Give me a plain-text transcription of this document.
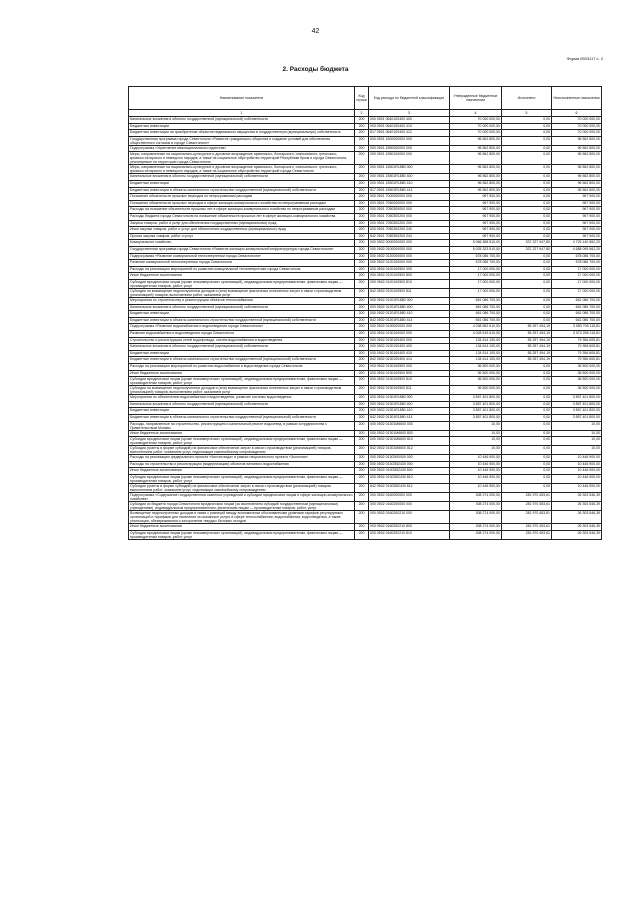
42
Форма 0503117 с. 2
2. Расходы бюджета
Наименование показателя	Код строки	Код расхода по бюджетной классификации	Утвержденные бюджетные назначения	Исполнено	Неисполненные назначения
1	2	3	4	5	6
Капитальные вложения в объекты государственной (муниципальной) собственности	200	000 0501 0640100400 400	70 000 000,00	0,00	70 000 000,00
Бюджетные инвестиции	200	000 0501 0640100400 410	70 000 000,00	0,00	70 000 000,00
Бюджетные инвестиции на приобретение объектов недвижимого имущества в государственную (муниципальную) собственность	200	817 0501 0640100400 412	70 000 000,00	0,00	70 000 000,00
Государственная программа города Севастополя «Развитие гражданского общества и создание условий для обеспечения общественного согласия в городе Севастополе»	200	000 0501 1500000000 000	96 562 800,00	0,00	96 562 800,00
Подпрограмма «Укрепление межнационального единства»	200	000 0501 1550000000 000	96 562 800,00	0,00	96 562 800,00
Меры, направленные на национально-культурное и духовное возрождение армянского, болгарского, итальянского, греческого, крымско-татарского и немецкого народов, а также на социальное обустройство территорий Республики Крым и города Севастополя, реализуемые на территории города Севастополя	200	000 0501 1550100000 000	96 562 800,00	0,00	96 562 800,00
Меры, направленные на национально-культурное и духовное возрождение армянского, болгарского, итальянского, греческого, крымско-татарского и немецкого народов, а также на социальное обустройство территорий города Севастополя	200	000 0501 15501R1880 000	96 562 800,00	0,00	96 562 800,00
Капитальные вложения в объекты государственной (муниципальной) собственности	200	000 0501 15501R1880 400	96 562 800,00	0,00	96 562 800,00
Бюджетные инвестиции	200	000 0501 15501R1880 410	96 562 800,00	0,00	96 562 800,00
Бюджетные инвестиции в объекты капитального строительства государственной (муниципальной) собственности	200	817 0501 15501R1880 414	96 562 800,00	0,00	96 562 800,00
Погашение обязательств прошлых периодов по непрограммным расходам	200	000 0501 7000000000 000	967 900,00	0,00	967 900,00
Погашение обязательств прошлых периодов в сфере жилищно-коммунального хозяйства по непрограммным расходам	200	000 0501 7050000000 000	967 900,00	0,00	967 900,00
Расходы на погашение обязательств прошлых лет в сфере жилищно-коммунального хозяйства по непрограммным расходам	200	000 0501 7050300000 000	967 900,00	0,00	967 900,00
Расходы бюджета города Севастополя на погашение обязательств прошлых лет в сфере жилищно-коммунального хозяйства	200	000 0501 7050300200 000	967 900,00	0,00	967 900,00
Закупка товаров, работ и услуг для обеспечения государственных (муниципальных) нужд	200	000 0501 7050300200 200	967 900,00	0,00	967 900,00
Иные закупки товаров, работ и услуг для обеспечения государственных (муниципальных) нужд	200	000 0501 7050300200 240	967 900,00	0,00	967 900,00
Прочая закупка товаров, работ и услуг	200	842 0501 7050300200 244	967 900,00	0,00	967 900,00
Коммунальное хозяйство	200	000 0502 0000000000 000	5 066 368 510,00	337 227 947,80	4 729 140 562,20
Государственная программа города Севастополя «Развитие жилищно-коммунальной инфраструктуры города Севастополя»	200	000 0502 0100000000 000	5 025 323 510,00	337 227 947,80	4 688 095 562,20
Подпрограмма «Развитие коммунальной теплоэнергетики города Севастополя»	200	000 0502 0120000000 000	678 086 700,00	0,00	678 086 700,00
Развитие коммунальной теплоэнергетики города Севастополя	200	000 0502 0120100000 000	678 086 700,00	0,00	678 086 700,00
Расходы на реализацию мероприятий по развитию коммунальной теплоэнергетики города Севастополя	200	000 0502 0120100500 000	17 000 000,00	0,00	17 000 000,00
Иные бюджетные ассигнования	200	000 0502 0120100500 800	17 000 000,00	0,00	17 000 000,00
Субсидии юридическим лицам (кроме некоммерческих организаций), индивидуальным предпринимателям, физическим лицам — производителям товаров, работ, услуг	200	000 0502 0120100500 810	17 000 000,00	0,00	17 000 000,00
Субсидии на возмещение недополученных доходов и (или) возмещение фактически понесенных затрат в связи с производством (реализацией) товаров, выполнением работ, оказанием услуг	200	842 0502 0120100500 811	17 000 000,00	0,00	17 000 000,00
Мероприятия по строительству и реконструкции объектов теплоснабжения	200	000 0502 01201R1880 000	661 086 700,00	0,00	661 086 700,00
Капитальные вложения в объекты государственной (муниципальной) собственности	200	000 0502 01201R1880 400	661 086 700,00	0,00	661 086 700,00
Бюджетные инвестиции	200	000 0502 01201R1880 410	661 086 700,00	0,00	661 086 700,00
Бюджетные инвестиции в объекты капитального строительства государственной (муниципальной) собственности	200	842 0502 01201R1880 414	661 086 700,00	0,00	661 086 700,00
Подпрограмма «Развитие водоснабжения и водоотведения города Севастополя»	200	000 0502 0130000000 000	4 038 962 610,00	55 257 494,19	3 983 705 115,81
Развитие водоснабжения и водоотведения города Севастополя	200	000 0502 0130100000 000	4 028 515 610,00	55 257 494,19	3 973 258 115,81
Строительство и реконструкция сетей водопровода, систем водоснабжения и водоотведения	200	000 0502 0130100400 000	134 614 100,00	55 257 494,19	79 356 605,81
Капитальные вложения в объекты государственной (муниципальной) собственности	200	000 0502 0130100400 400	134 614 100,00	55 257 494,19	79 356 605,81
Бюджетные инвестиции	200	000 0502 0130100400 410	134 614 100,00	55 257 494,19	79 356 605,81
Бюджетные инвестиции в объекты капитального строительства государственной (муниципальной) собственности	200	842 0502 0130100400 414	134 614 100,00	55 257 494,19	79 356 605,81
Расходы на реализацию мероприятий по развитию водоснабжения и водоотведения города Севастополя	200	000 0502 0130100500 000	36 500 000,00	0,00	36 500 000,00
Иные бюджетные ассигнования	200	000 0502 0130100500 800	36 500 000,00	0,00	36 500 000,00
Субсидии юридическим лицам (кроме некоммерческих организаций), индивидуальным предпринимателям, физическим лицам — производителям товаров, работ, услуг	200	000 0502 0130100500 810	36 500 000,00	0,00	36 500 000,00
Субсидии на возмещение недополученных доходов и (или) возмещение фактически понесенных затрат в связи с производством (реализацией) товаров, выполнением работ, оказанием услуг	200	842 0502 0130100500 811	36 500 000,00	0,00	36 500 000,00
Мероприятия по обеспечению водоснабжения и водоотведения, развитие системы водоотведения	200	000 0502 01301R1880 000	3 857 401 800,00	0,00	3 857 401 800,00
Капитальные вложения в объекты государственной (муниципальной) собственности	200	000 0502 01301R1880 400	3 857 401 800,00	0,00	3 857 401 800,00
Бюджетные инвестиции	200	000 0502 01301R1880 410	3 857 401 800,00	0,00	3 857 401 800,00
Бюджетные инвестиции в объекты капитального строительства государственной (муниципальной) собственности	200	842 0502 01301R1880 414	3 857 401 800,00	0,00	3 857 401 800,00
Расходы, направленные на строительство, реконструкцию и капитальный ремонт водоотвед. в рамках сотрудничества с Правительством Москвы	200	000 0502 01301М6600 000	10,00	0,00	10,00
Иные бюджетные ассигнования	200	000 0502 01301М6600 800	10,00	0,00	10,00
Субсидии юридическим лицам (кроме некоммерческих организаций), индивидуальным предпринимателям, физическим лицам — производителям товаров, работ, услуг	200	000 0502 01301М6600 810	10,00	0,00	10,00
Субсидии (гранты в форме субсидий) на финансовое обеспечение затрат в связи с производством (реализацией) товаров, выполнением работ, оказанием услуг, подлежащие казначейскому сопровождению	200	842 0502 01301М6600 812	10,00	0,00	10,00
Расходы на реализацию федерального проекта «Чистая вода» в рамках национального проекта «Экология»	200	000 0502 013G500000 000	10 446 900,00	0,00	10 446 900,00
Расходы на строительство и реконструкцию (модернизацию) объектов питьевого водоснабжения	200	000 0502 013G552430 000	10 446 900,00	0,00	10 446 900,00
Иные бюджетные ассигнования	200	000 0502 013G552430 800	10 446 900,00	0,00	10 446 900,00
Субсидии юридическим лицам (кроме некоммерческих организаций), индивидуальным предпринимателям, физическим лицам — производителям товаров, работ, услуг	200	000 0502 013G552430 810	10 446 900,00	0,00	10 446 900,00
Субсидии (гранты в форме субсидий) на финансовое обеспечение затрат в связи с производством (реализацией) товаров, выполнением работ, оказанием услуг, подлежащие казначейскому сопровождению	200	842 0502 013G552430 812	10 446 900,00	0,00	10 446 900,00
Подпрограмма «Содержание государственных казенных учреждений и субсидии юридическим лицам в сфере жилищно-коммунального хозяйства»	200	000 0502 0160000000 000	308 274 000,00	281 970 453,61	26 303 546,39
Субсидии из бюджета города Севастополя юридическим лицам (за исключением субсидий государственным (муниципальным) учреждениям), индивидуальным предпринимателям, физическим лицам — производителям товаров, работ, услуг	200	000 0502 0160200000 000	308 274 000,00	281 970 453,61	26 303 546,39
Возмещение недополученных доходов в связи с разницей между экономически обоснованными уровнями тарифов регулируемых организаций и тарифами для населения за оказанные услуги в сфере теплоснабжения, водоснабжения, водоотведения, а также утилизации, обезвреживания и захоронения твердых бытовых отходов	200	000 0502 0160200210 000	308 274 000,00	281 970 453,61	26 303 546,39
Иные бюджетные ассигнования	200	000 0502 0160200210 800	308 274 000,00	281 970 453,61	26 303 546,39
Субсидии юридическим лицам (кроме некоммерческих организаций), индивидуальным предпринимателям, физическим лицам — производителям товаров, работ, услуг	200	000 0502 0160200210 810	308 274 000,00	281 970 453,61	26 303 546,39
